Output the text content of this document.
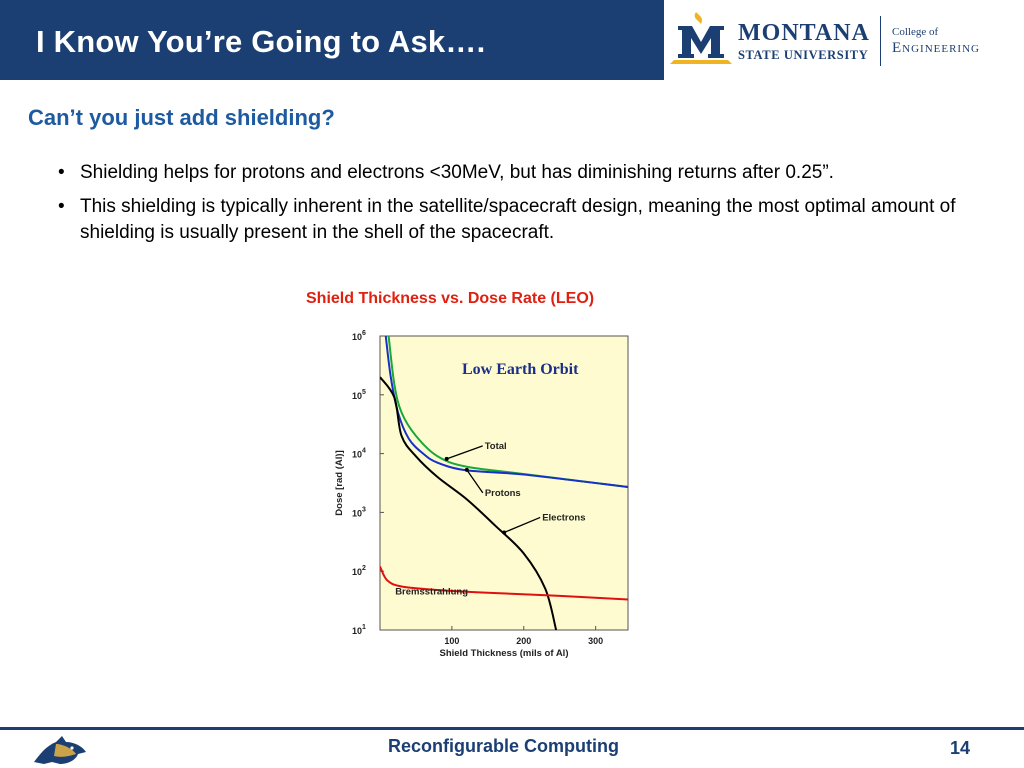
I Know You’re Going to Ask….	MONTANA
STATE UNIVERSITY
College of
Engineering
Can’t you just add shielding?
• Shielding helps for protons and electrons <30MeV, but has diminishing returns after 0.25”.
• This shielding is typically inherent in the satellite/spacecraft design, meaning the most optimal amount of shielding is usually present in the shell of the spacecraft.
Shield Thickness vs. Dose Rate (LEO)
$10^1$
$10^2$
$10^3$
$10^4$
$10^5$
$10^6$
100	200	300
Shield Thickness (mils of Al)
Dose [rad (Al)]
Low Earth Orbit
Total
Protons
Electrons
Bremsstrahlung
Reconfigurable Computing	14
